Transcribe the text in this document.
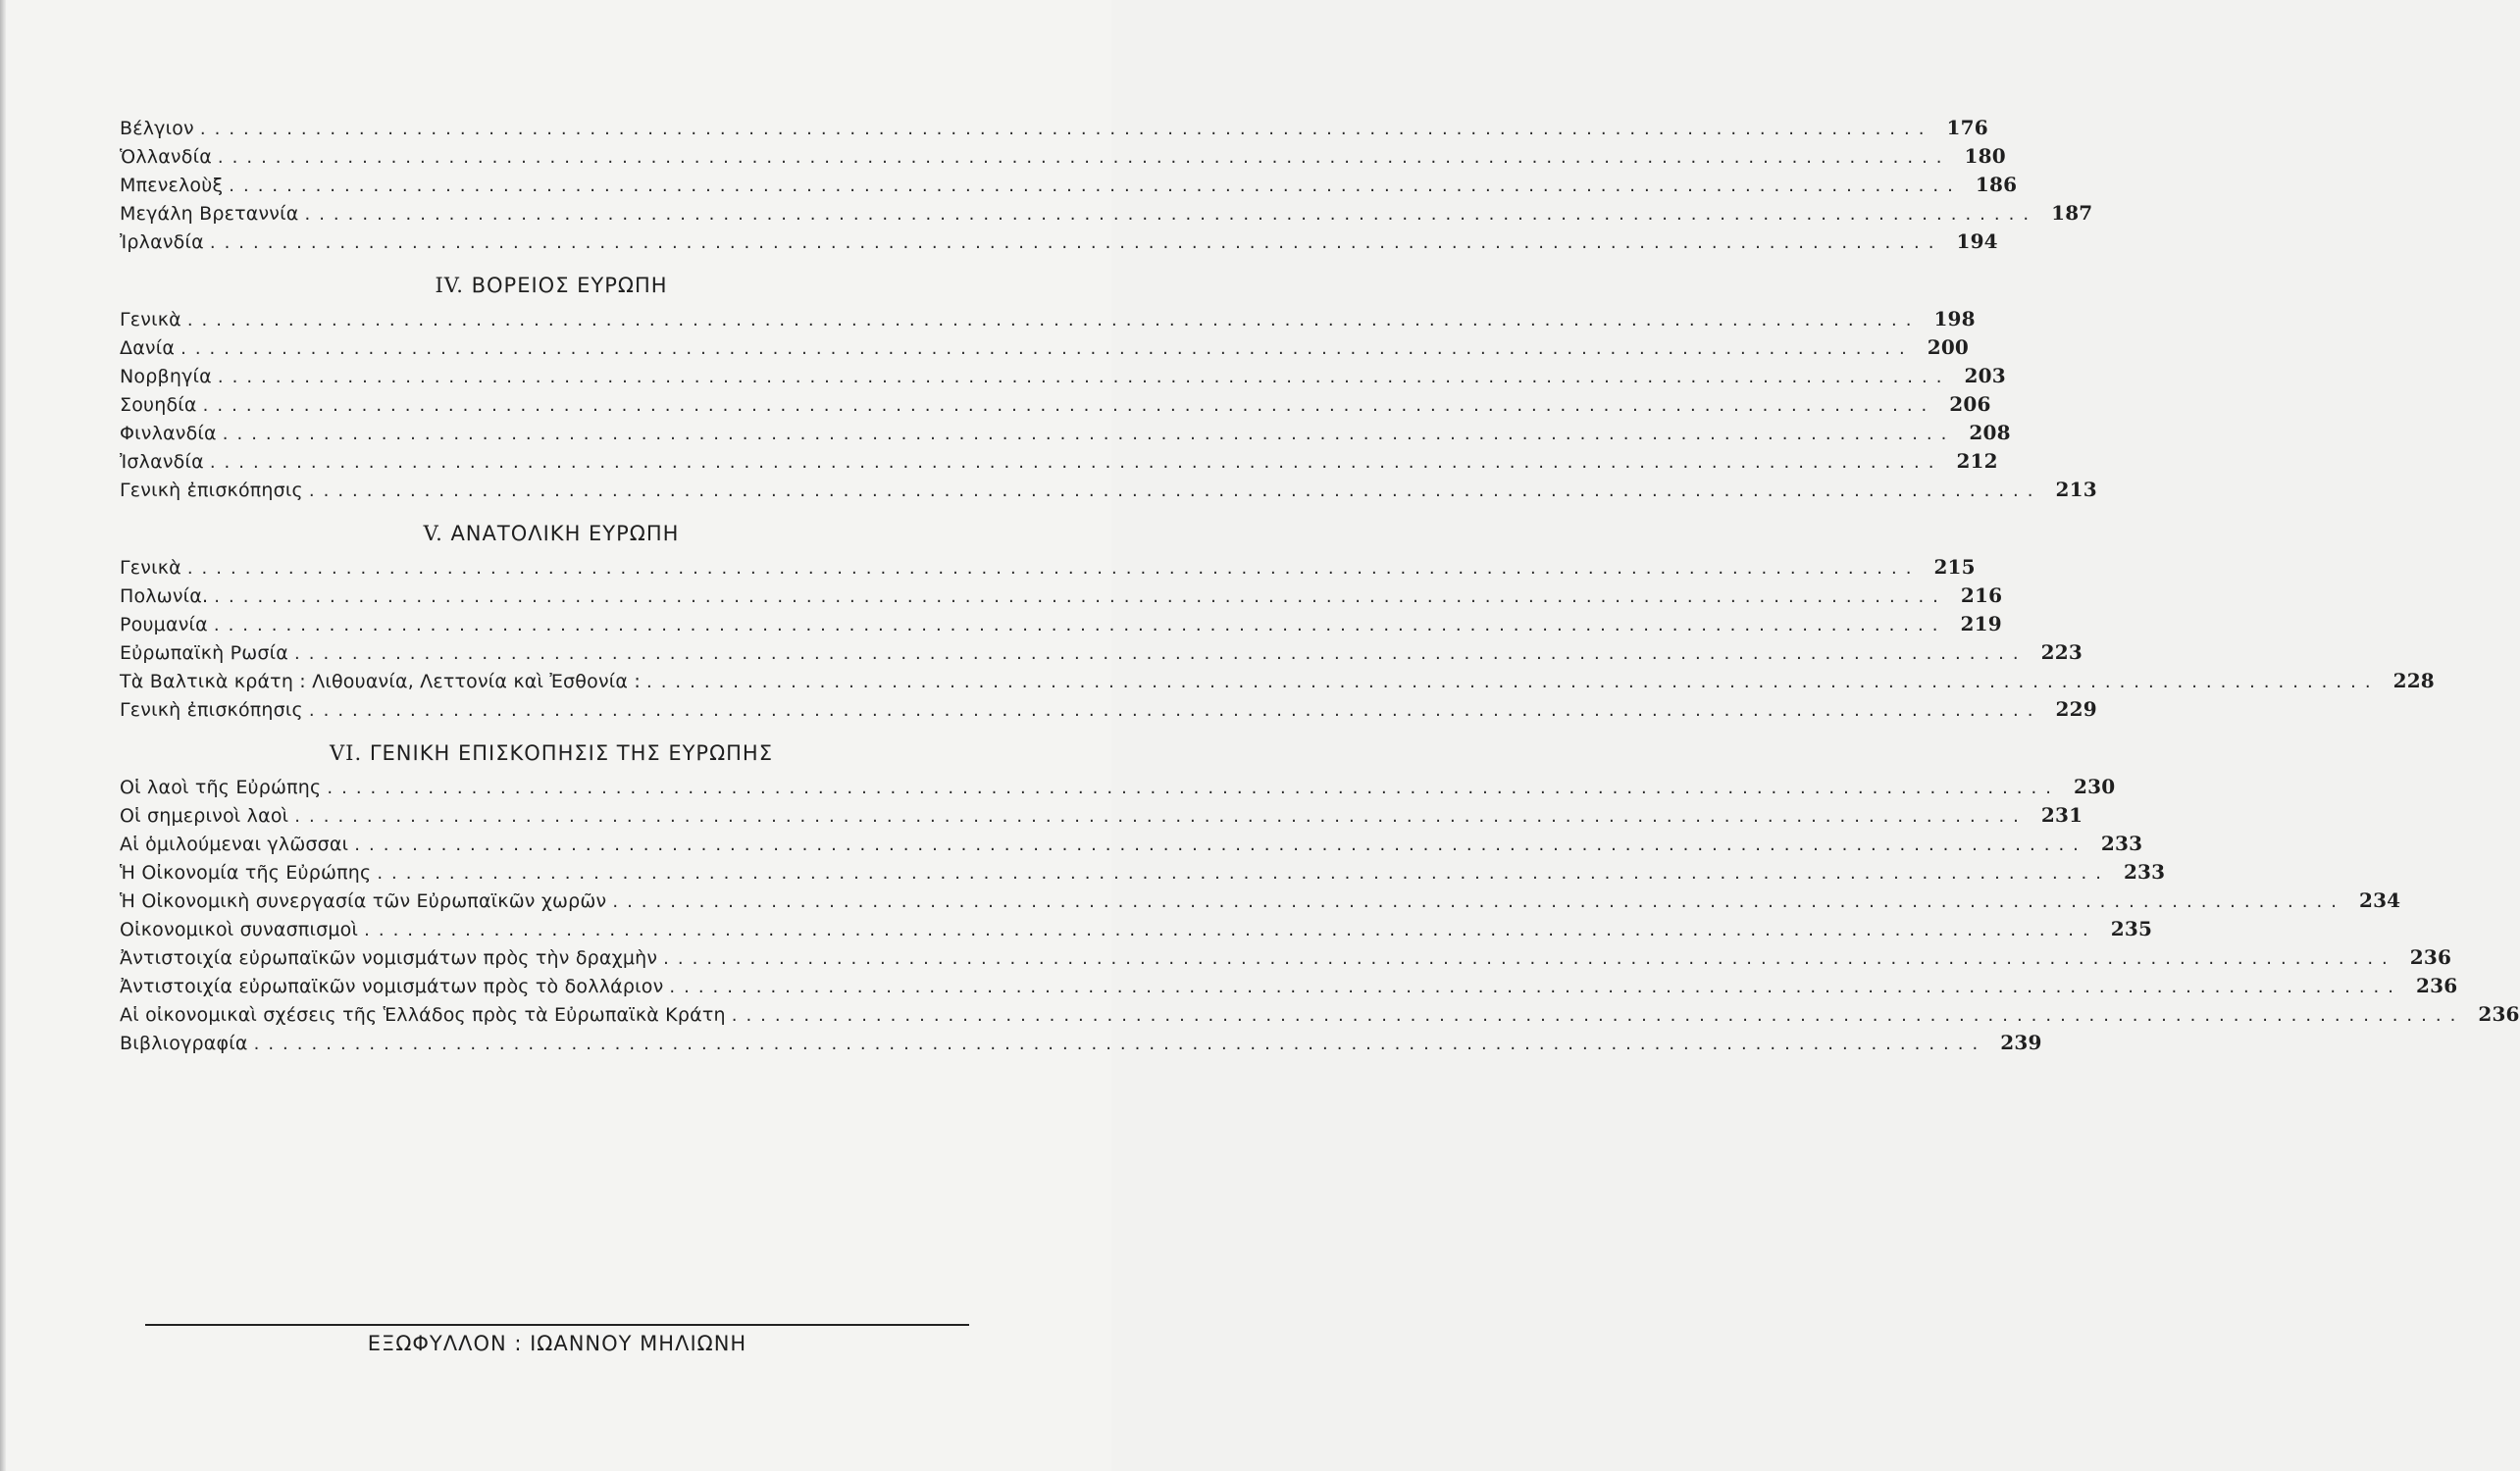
Βέλγιον ........................................................................................................................ 176
Ὁλλανδία ........................................................................................................................ 180
Μπενελοὺξ ........................................................................................................................ 186
Μεγάλη Βρεταννία ........................................................................................................................ 187
Ἰρλανδία ........................................................................................................................ 194
IV. ΒΟΡΕΙΟΣ ΕΥΡΩΠΗ
Γενικὰ ........................................................................................................................ 198
Δανία ........................................................................................................................ 200
Νορβηγία ........................................................................................................................ 203
Σουηδία ........................................................................................................................ 206
Φινλανδία ........................................................................................................................ 208
Ἰσλανδία ........................................................................................................................ 212
Γενικὴ ἐπισκόπησις ........................................................................................................................ 213
V. ΑΝΑΤΟΛΙΚΗ ΕΥΡΩΠΗ
Γενικὰ ........................................................................................................................ 215
Πολωνία. ........................................................................................................................ 216
Ρουμανία ........................................................................................................................ 219
Εὐρωπαϊκὴ Ρωσία ........................................................................................................................ 223
Τὰ Βαλτικὰ κράτη : Λιθουανία, Λεττονία καὶ Ἐσθονία : ........................................................................................................................ 228
Γενικὴ ἐπισκόπησις ........................................................................................................................ 229
VI. ΓΕΝΙΚΗ ΕΠΙΣΚΟΠΗΣΙΣ ΤΗΣ ΕΥΡΩΠΗΣ
Οἱ λαοὶ τῆς Εὐρώπης ........................................................................................................................ 230
Οἱ σημερινοὶ λαοὶ ........................................................................................................................ 231
Αἱ ὁμιλούμεναι γλῶσσαι ........................................................................................................................ 233
Ἡ Οἰκονομία τῆς Εὐρώπης ........................................................................................................................ 233
Ἡ Οἰκονομικὴ συνεργασία τῶν Εὐρωπαϊκῶν χωρῶν ........................................................................................................................ 234
Οἰκονομικοὶ συνασπισμοὶ ........................................................................................................................ 235
Ἀντιστοιχία εὐρωπαϊκῶν νομισμάτων πρὸς τὴν δραχμὴν ........................................................................................................................ 236
Ἀντιστοιχία εὐρωπαϊκῶν νομισμάτων πρὸς τὸ δολλάριον ........................................................................................................................ 236
Αἱ οἰκονομικαὶ σχέσεις τῆς Ἑλλάδος πρὸς τὰ Εὐρωπαϊκὰ Κράτη ........................................................................................................................ 236
Βιβλιογραφία ........................................................................................................................ 239
ΕΞΩΦΥΛΛΟΝ : ΙΩΑΝΝΟΥ ΜΗΛΙΩΝΗ
